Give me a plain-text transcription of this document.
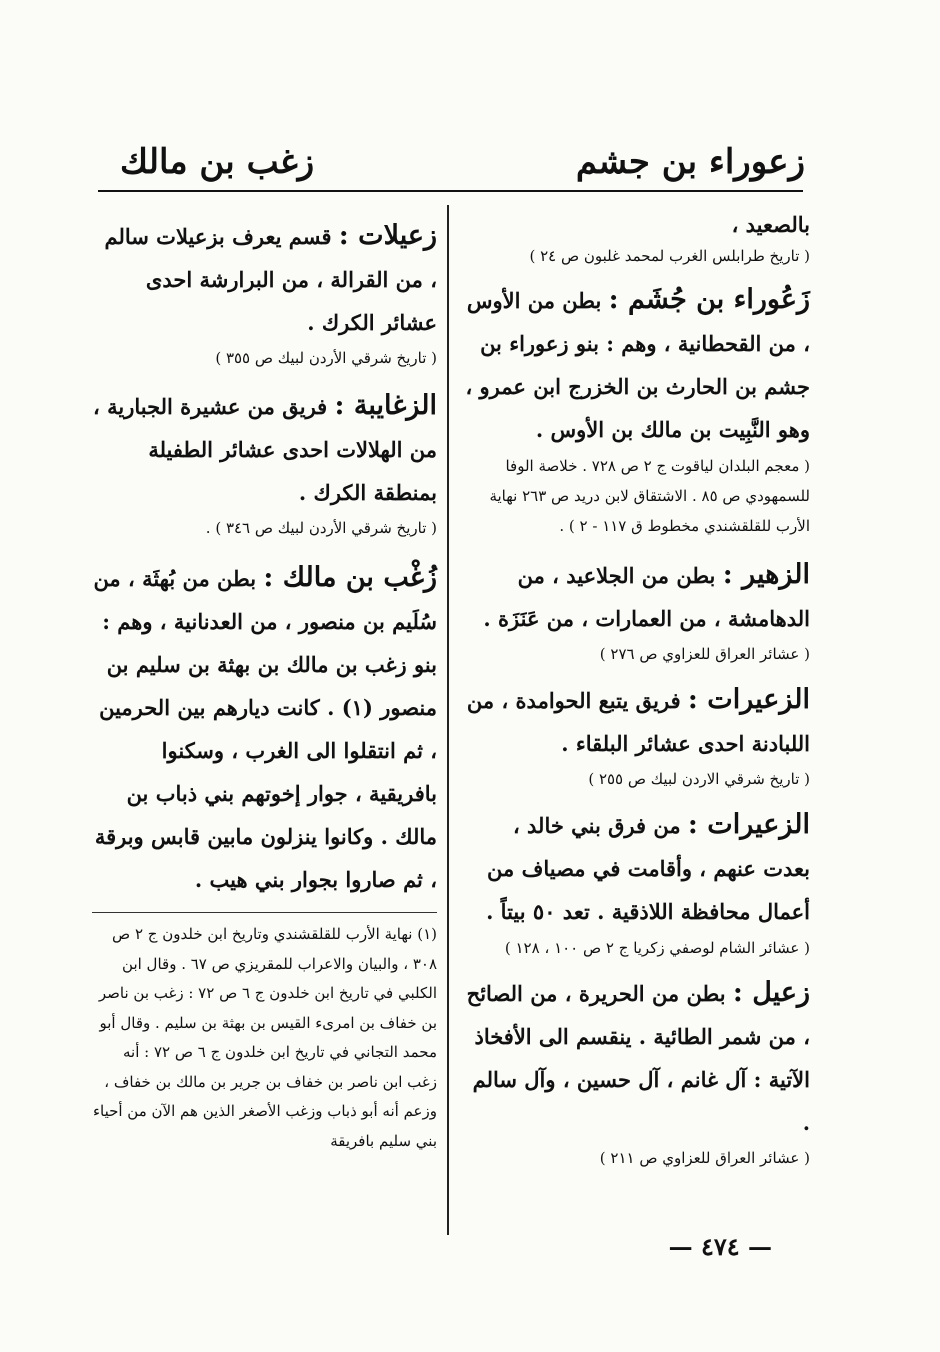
زعوراء بن جشم
زغب بن مالك

بالصعيد ،

( تاريخ طرابلس الغرب لمحمد غلبون ص ٢٤ )

زَعُوراء بن جُشَم : بطن من الأوس ، من القحطانية ، وهم : بنو زعوراء بن جشم بن الحارث بن الخزرج ابن عمرو ، وهو النَّبِيت بن مالك بن الأوس .

( معجم البلدان لياقوت ج ٢ ص ٧٢٨ . خلاصة الوفا للسمهودي ص ٨٥ . الاشتقاق لابن دريد ص ٢٦٣ نهاية الأرب للقلقشندي مخطوط ق ١١٧ - ٢ ) .

الزهير : بطن من الجلاعيد ، من الدهامشة ، من العمارات ، من عَنَزَة .

( عشائر العراق للعزاوي ص ٢٧٦ )

الزعيرات : فريق يتبع الحوامدة ، من اللبادنة احدى عشائر البلقاء .

( تاريخ شرقي الاردن لبيك ص ٢٥٥ )

الزعيرات : من فرق بني خالد ، بعدت عنهم ، وأقامت في مصياف من أعمال محافظة اللاذقية . تعد ٥٠ بيتاً .

( عشائر الشام لوصفي زكريا ج ٢ ص ١٠٠ ، ١٢٨ )

زعيل : بطن من الحريرة ، من الصائح ، من شمر الطائية . ينقسم الى الأفخاذ الآتية : آل غانم ، آل حسين ، وآل سالم .

( عشائر العراق للعزاوي ص ٢١١ )

زعيلات : قسم يعرف بزعيلات سالم ، من القرالة ، من البرارشة احدى عشائر الكرك .

( تاريخ شرقي الأردن لبيك ص ٣٥٥ )

الزغايبة : فريق من عشيرة الجبارية ، من الهلالات احدى عشائر الطفيلة بمنطقة الكرك .

( تاريخ شرقي الأردن لبيك ص ٣٤٦ ) .

زُغْب بن مالك : بطن من بُهثَة ، من سُلَيم بن منصور ، من العدنانية ، وهم : بنو زغب بن مالك بن بهثة بن سليم بن منصور (١) . كانت ديارهم بين الحرمين ، ثم انتقلوا الى الغرب ، وسكنوا بافريقية ، جوار إخوتهم بني ذباب بن مالك . وكانوا ينزلون مابين قابس وبرقة ، ثم صاروا بجوار بني هيب .

(١) نهاية الأرب للقلقشندي وتاريخ ابن خلدون ج ٢ ص ٣٠٨ ، والبيان والاعراب للمقريزي ص ٦٧ . وقال ابن الكلبي في تاريخ ابن خلدون ج ٦ ص ٧٢ : زغب بن ناصر بن خفاف بن امرىء القيس بن بهثة بن سليم . وقال أبو محمد التجاني في تاريخ ابن خلدون ج ٦ ص ٧٢ : أنه زغب ابن ناصر بن خفاف بن جرير بن مالك بن خفاف ، وزعم أنه أبو ذباب وزغب الأصغر الذين هم الآن من أحياء بني سليم بافريقة

— ٤٧٤ —
